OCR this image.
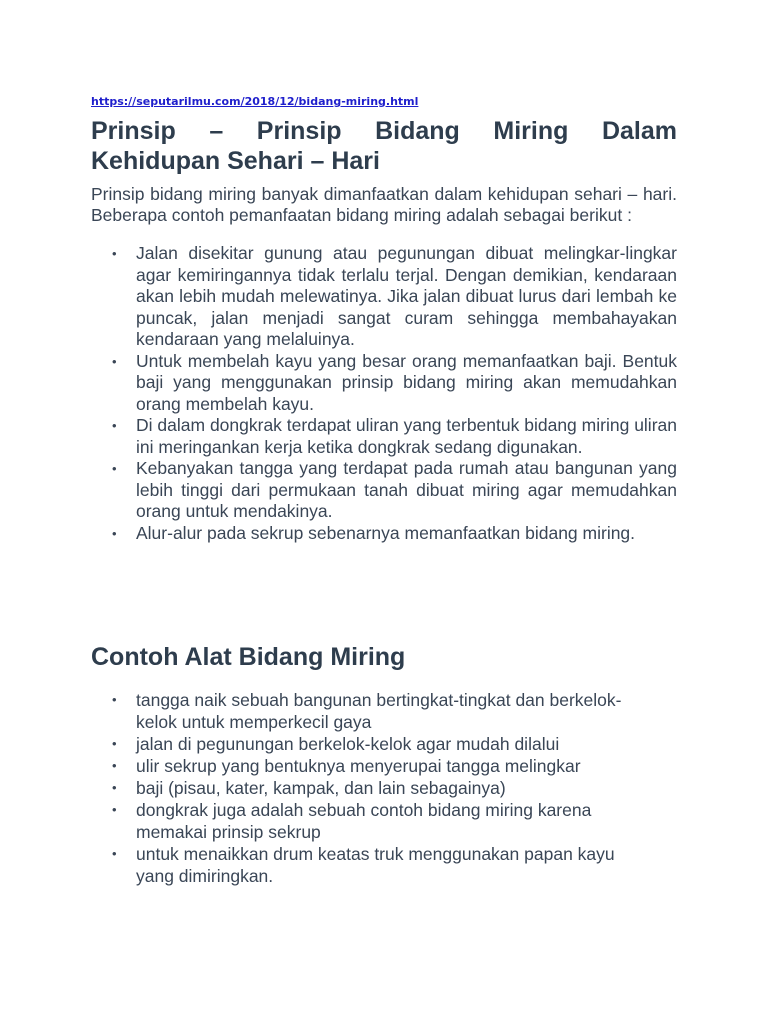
https://seputarilmu.com/2018/12/bidang-miring.html
Prinsip – Prinsip Bidang Miring Dalam Kehidupan Sehari – Hari

Prinsip bidang miring banyak dimanfaatkan dalam kehidupan sehari – hari. Beberapa contoh pemanfaatan bidang miring adalah sebagai berikut :

• Jalan disekitar gunung atau pegunungan dibuat melingkar-lingkar agar kemiringannya tidak terlalu terjal. Dengan demikian, kendaraan akan lebih mudah melewatinya. Jika jalan dibuat lurus dari lembah ke puncak, jalan menjadi sangat curam sehingga membahayakan kendaraan yang melaluinya.
• Untuk membelah kayu yang besar orang memanfaatkan baji. Bentuk baji yang menggunakan prinsip bidang miring akan memudahkan orang membelah kayu.
• Di dalam dongkrak terdapat uliran yang terbentuk bidang miring uliran ini meringankan kerja ketika dongkrak sedang digunakan.
• Kebanyakan tangga yang terdapat pada rumah atau bangunan yang lebih tinggi dari permukaan tanah dibuat miring agar memudahkan orang untuk mendakinya.
• Alur-alur pada sekrup sebenarnya memanfaatkan bidang miring.
Contoh Alat Bidang Miring
• tangga naik sebuah bangunan bertingkat-tingkat dan berkelok-kelok untuk memperkecil gaya
• jalan di pegunungan berkelok-kelok agar mudah dilalui
• ulir sekrup yang bentuknya menyerupai tangga melingkar
• baji (pisau, kater, kampak, dan lain sebagainya)
• dongkrak juga adalah sebuah contoh bidang miring karena memakai prinsip sekrup
• untuk menaikkan drum keatas truk menggunakan papan kayu yang dimiringkan.
